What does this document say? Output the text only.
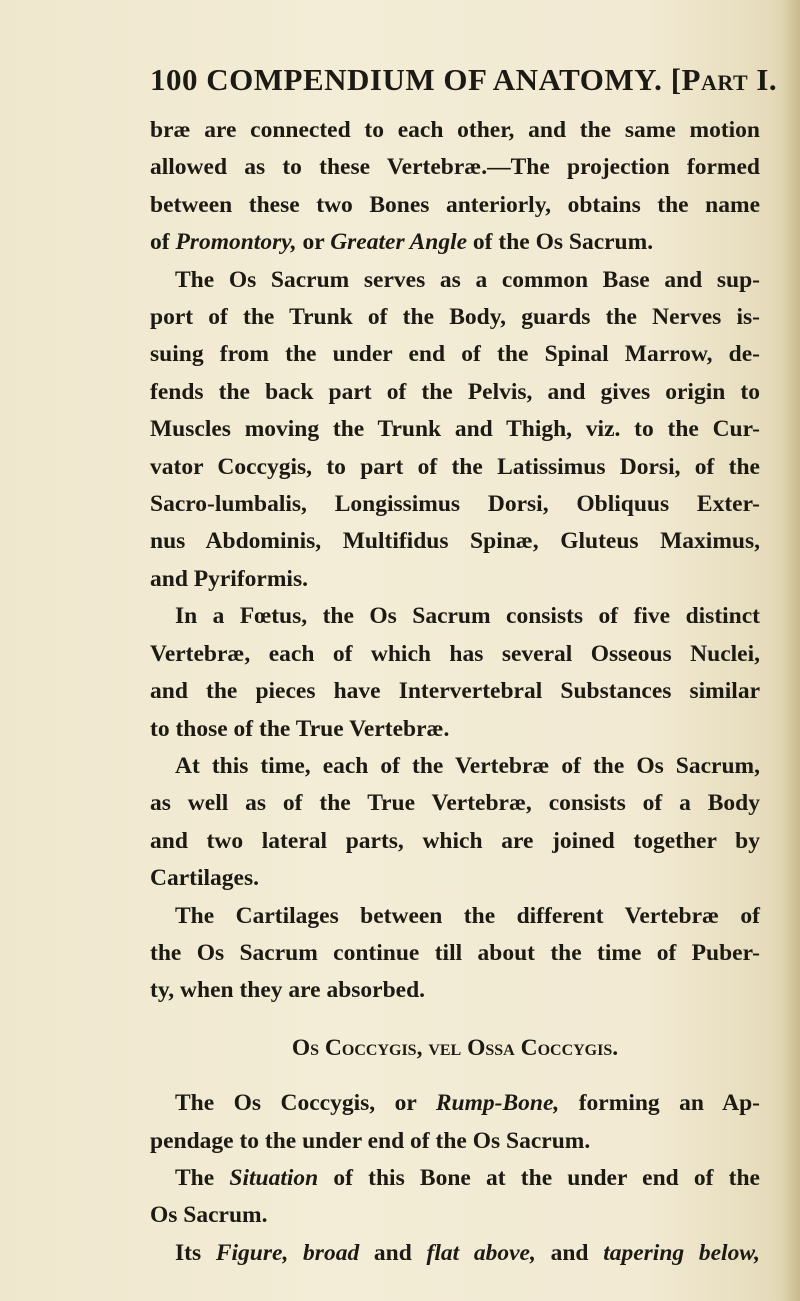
100 COMPENDIUM OF ANATOMY. [Part I.
bræ are connected to each other, and the same motion
allowed as to these Vertebræ.—The projection formed
between these two Bones anteriorly, obtains the name
of Promontory, or Greater Angle of the Os Sacrum.
The Os Sacrum serves as a common Base and sup-
port of the Trunk of the Body, guards the Nerves is-
suing from the under end of the Spinal Marrow, de-
fends the back part of the Pelvis, and gives origin to
Muscles moving the Trunk and Thigh, viz. to the Cur-
vator Coccygis, to part of the Latissimus Dorsi, of the
Sacro-lumbalis, Longissimus Dorsi, Obliquus Exter-
nus Abdominis, Multifidus Spinæ, Gluteus Maximus,
and Pyriformis.
In a Fœtus, the Os Sacrum consists of five distinct
Vertebræ, each of which has several Osseous Nuclei,
and the pieces have Intervertebral Substances similar
to those of the True Vertebræ.
At this time, each of the Vertebræ of the Os Sacrum,
as well as of the True Vertebræ, consists of a Body
and two lateral parts, which are joined together by
Cartilages.
The Cartilages between the different Vertebræ of
the Os Sacrum continue till about the time of Puber-
ty, when they are absorbed.
Os Coccygis, vel Ossa Coccygis.
The Os Coccygis, or Rump-Bone, forming an Ap-
pendage to the under end of the Os Sacrum.
The Situation of this Bone at the under end of the
Os Sacrum.
Its Figure, broad and flat above, and tapering below,
